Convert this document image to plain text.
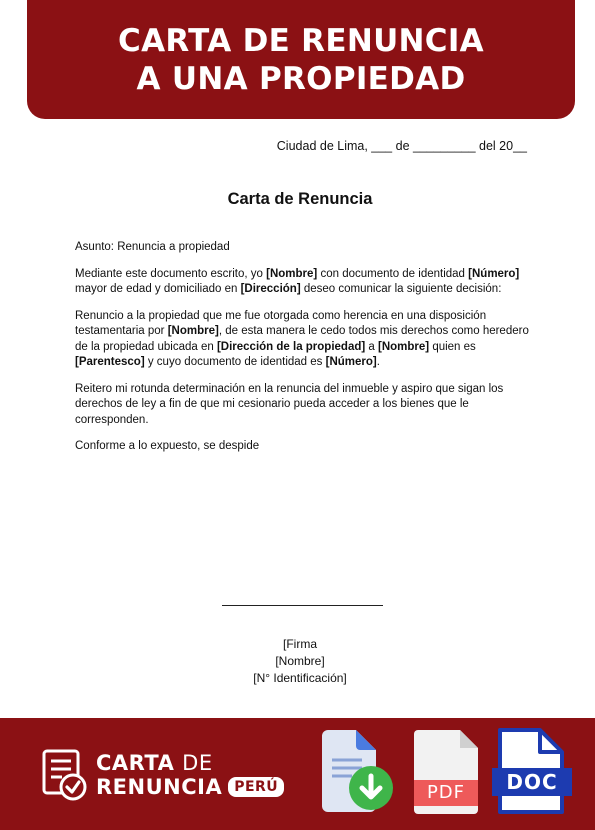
CARTA DE RENUNCIA
A UNA PROPIEDAD
Ciudad de Lima, ___ de _________ del 20__
Carta de Renuncia

Asunto: Renuncia a propiedad

Mediante este documento escrito, yo [Nombre] con documento de identidad [Número] mayor de edad y domiciliado en [Dirección] deseo comunicar la siguiente decisión:

Renuncio a la propiedad que me fue otorgada como herencia en una disposición testamentaria por [Nombre], de esta manera le cedo todos mis derechos como heredero de la propiedad ubicada en [Dirección de la propiedad] a [Nombre] quien es [Parentesco] y cuyo documento de identidad es [Número].

Reitero mi rotunda determinación en la renuncia del inmueble y aspiro que sigan los derechos de ley a fin de que mi cesionario pueda acceder a los bienes que le corresponden.

Conforme a lo expuesto, se despide

[Firma
[Nombre]
[N° Identificación]
CARTA DE
RENUNCIA PERÚ	PDF	DOC
